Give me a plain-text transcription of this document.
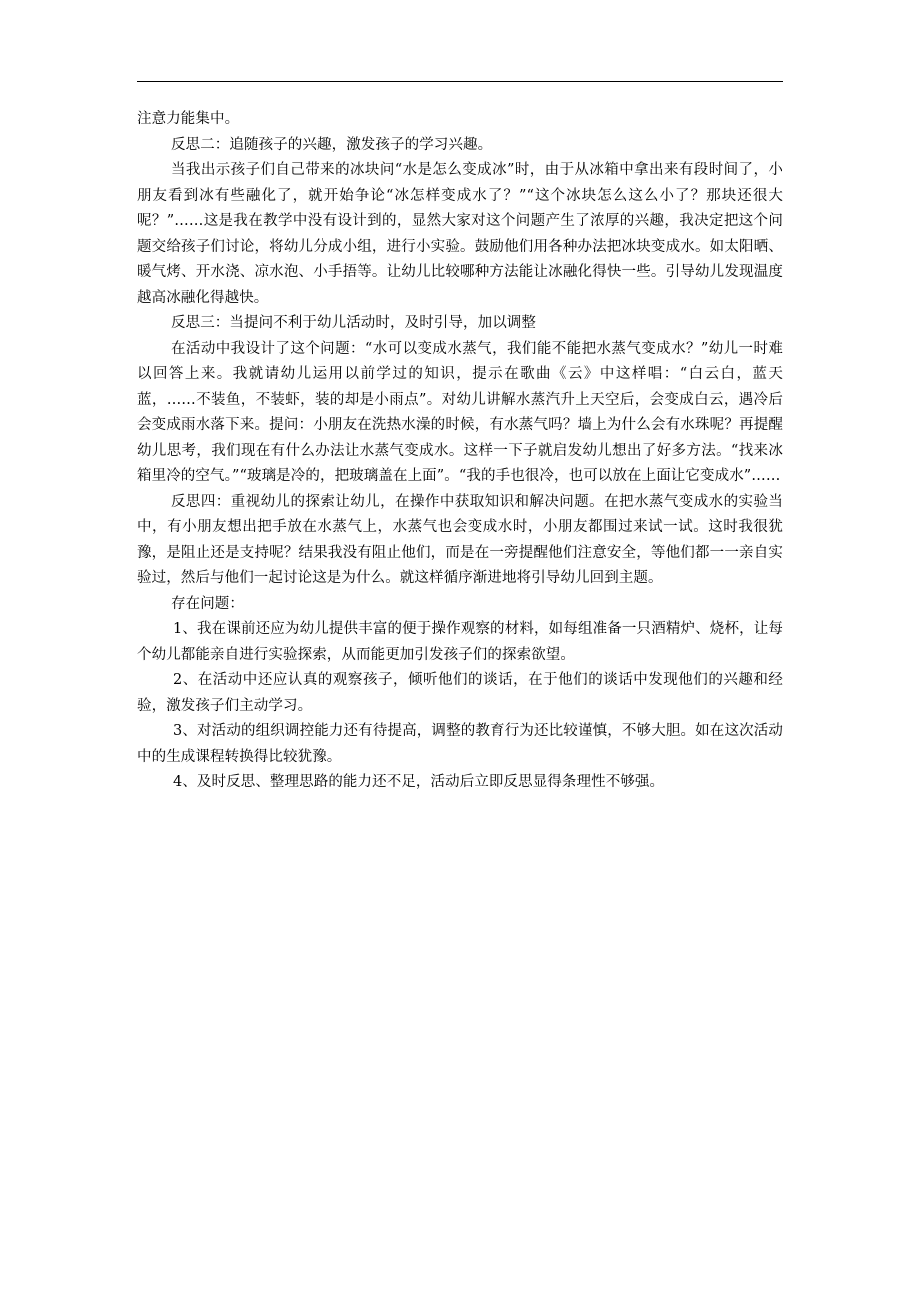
注意力能集中。

反思二：追随孩子的兴趣，激发孩子的学习兴趣。

当我出示孩子们自己带来的冰块问“水是怎么变成冰”时，由于从冰箱中拿出来有段时间了，小朋友看到冰有些融化了，就开始争论“冰怎样变成水了？”“这个冰块怎么这么小了？那块还很大呢？”……这是我在教学中没有设计到的，显然大家对这个问题产生了浓厚的兴趣，我决定把这个问题交给孩子们讨论，将幼儿分成小组，进行小实验。鼓励他们用各种办法把冰块变成水。如太阳晒、暖气烤、开水浇、凉水泡、小手捂等。让幼儿比较哪种方法能让冰融化得快一些。引导幼儿发现温度越高冰融化得越快。

反思三：当提问不利于幼儿活动时，及时引导，加以调整

在活动中我设计了这个问题：“水可以变成水蒸气，我们能不能把水蒸气变成水？”幼儿一时难以回答上来。我就请幼儿运用以前学过的知识，提示在歌曲《云》中这样唱：“白云白，蓝天蓝，……不装鱼，不装虾，装的却是小雨点”。对幼儿讲解水蒸汽升上天空后，会变成白云，遇冷后会变成雨水落下来。提问：小朋友在洗热水澡的时候，有水蒸气吗？墙上为什么会有水珠呢？再提醒幼儿思考，我们现在有什么办法让水蒸气变成水。这样一下子就启发幼儿想出了好多方法。“找来冰箱里冷的空气。”“玻璃是冷的，把玻璃盖在上面”。“我的手也很冷，也可以放在上面让它变成水”……

反思四：重视幼儿的探索让幼儿，在操作中获取知识和解决问题。在把水蒸气变成水的实验当中，有小朋友想出把手放在水蒸气上，水蒸气也会变成水时，小朋友都围过来试一试。这时我很犹豫，是阻止还是支持呢？结果我没有阻止他们，而是在一旁提醒他们注意安全，等他们都一一亲自实验过，然后与他们一起讨论这是为什么。就这样循序渐进地将引导幼儿回到主题。

存在问题：

1、我在课前还应为幼儿提供丰富的便于操作观察的材料，如每组准备一只酒精炉、烧杯，让每个幼儿都能亲自进行实验探索，从而能更加引发孩子们的探索欲望。

2、在活动中还应认真的观察孩子，倾听他们的谈话，在于他们的谈话中发现他们的兴趣和经验，激发孩子们主动学习。

3、对活动的组织调控能力还有待提高，调整的教育行为还比较谨慎，不够大胆。如在这次活动中的生成课程转换得比较犹豫。

4、及时反思、整理思路的能力还不足，活动后立即反思显得条理性不够强。
